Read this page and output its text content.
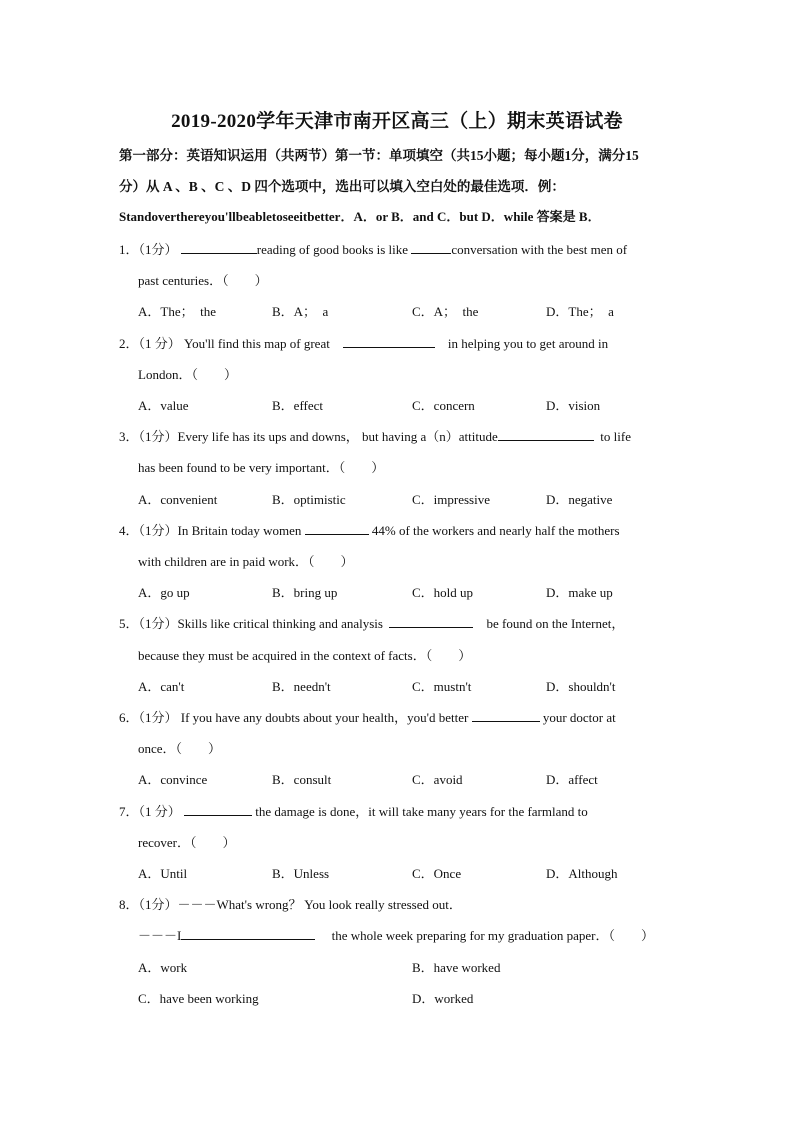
2019-2020学年天津市南开区高三（上）期末英语试卷
第一部分：英语知识运用（共两节）第一节：单项填空（共15小题；每小题1分，满分15
分）从 A 、B 、C 、D 四个选项中，选出可以填入空白处的最佳选项．例：
Standoverthereyou'llbeabletoseeitbetter．A．or B．and C．but D．while 答案是 B．
1．（1分）	reading of good books is like	conversation with the best men of
past centuries．（　　）
A．The；　the	B．A；　a	C．A；　the	D．The；　a
2．（1 分） You'll find this map of great	in helping you to get around in
London．（　　）
A．value	B．effect	C．concern	D．vision
3．（1分）Every life has its ups and downs， but having a（n）attitude	to life
has been found to be very important．（　　）
A．convenient	B．optimistic	C．impressive	D．negative
4．（1分）In Britain today women	44% of the workers and nearly half the mothers
with children are in paid work．（　　）
A．go up	B．bring up	C．hold up	D．make up
5．（1分）Skills like critical thinking and analysis	be found on the Internet，
because they must be acquired in the context of facts．（　　）
A．can't	B．needn't	C．mustn't	D．shouldn't
6．（1分） If you have any doubts about your health，you'd better	your doctor at
once．（　　）
A．convince	B．consult	C．avoid	D．affect
7．（1 分）	the damage is done，it will take many years for the farmland to
recover．（　　）
A．Until	B．Unless	C．Once	D．Although
8．（1分）－－－What's wrong？ You look really stressed out．
－－－I	the whole week preparing for my graduation paper．（　　）
A．work	B．have worked
C．have been working	D．worked
